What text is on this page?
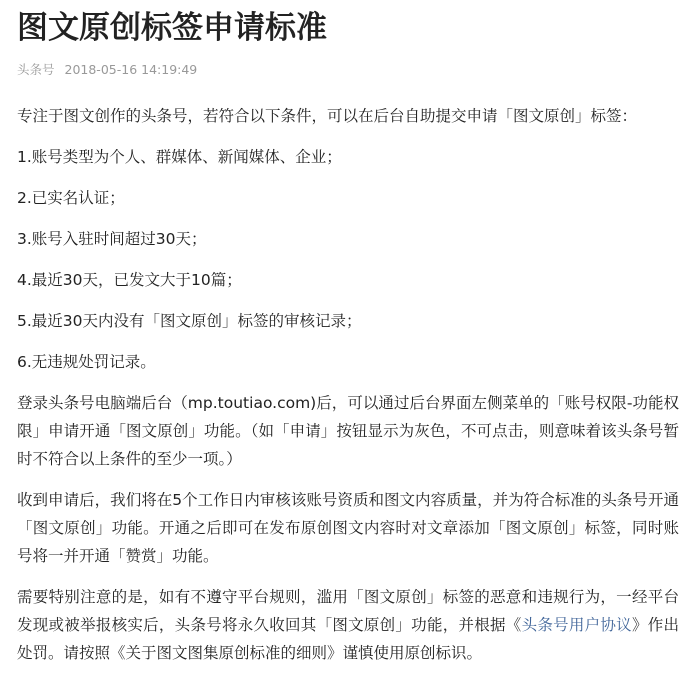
图文原创标签申请标准
头条号 2018-05-16 14:19:49

专注于图文创作的头条号，若符合以下条件，可以在后台自助提交申请「图文原创」标签：

1.账号类型为个人、群媒体、新闻媒体、企业；

2.已实名认证；

3.账号入驻时间超过30天；

4.最近30天，已发文大于10篇；

5.最近30天内没有「图文原创」标签的审核记录；

6.无违规处罚记录。

登录头条号电脑端后台（mp.toutiao.com)后，可以通过后台界面左侧菜单的「账号权限-功能权限」申请开通「图文原创」功能。（如「申请」按钮显示为灰色，不可点击，则意味着该头条号暂时不符合以上条件的至少一项。）

收到申请后，我们将在5个工作日内审核该账号资质和图文内容质量，并为符合标准的头条号开通「图文原创」功能。开通之后即可在发布原创图文内容时对文章添加「图文原创」标签，同时账号将一并开通「赞赏」功能。

需要特别注意的是，如有不遵守平台规则，滥用「图文原创」标签的恶意和违规行为，一经平台发现或被举报核实后，头条号将永久收回其「图文原创」功能，并根据《头条号用户协议》作出处罚。请按照《关于图文图集原创标准的细则》谨慎使用原创标识。
